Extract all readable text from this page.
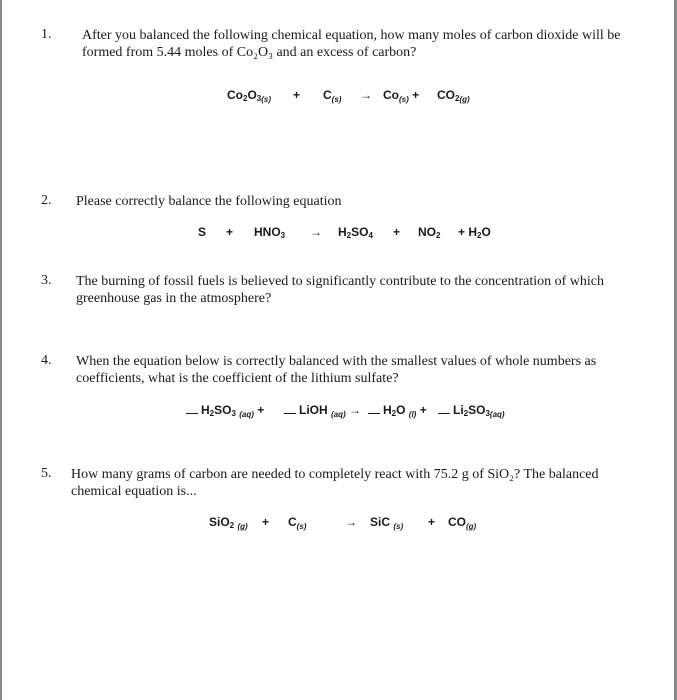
1. After you balanced the following chemical equation, how many moles of carbon dioxide will be formed from 5.44 moles of Co₂O₃ and an excess of carbon?
$Co_2O_{3(s)} + C_{(s)} \to Co_{(s)} + CO_{2(g)}$
2. Please correctly balance the following equation
$S + HNO_3 \to H_2SO_4 + NO_2 + H_2O$
3. The burning of fossil fuels is believed to significantly contribute to the concentration of which greenhouse gas in the atmosphere?
4. When the equation below is correctly balanced with the smallest values of whole numbers as coefficients, what is the coefficient of the lithium sulfate?
$H_2SO_3$ $_{(aq)}$ +	LiOH $_{(aq)}$ →	$H_2O$ $_{(l)}$ +	$Li_2SO_{3(aq)}$
5. How many grams of carbon are needed to completely react with 75.2 g of SiO₂? The balanced chemical equation is...
SiO$_2$ $_{(g)} + C_{(s)}$	→ SiC $_{(s)} + CO_{(g)}$
